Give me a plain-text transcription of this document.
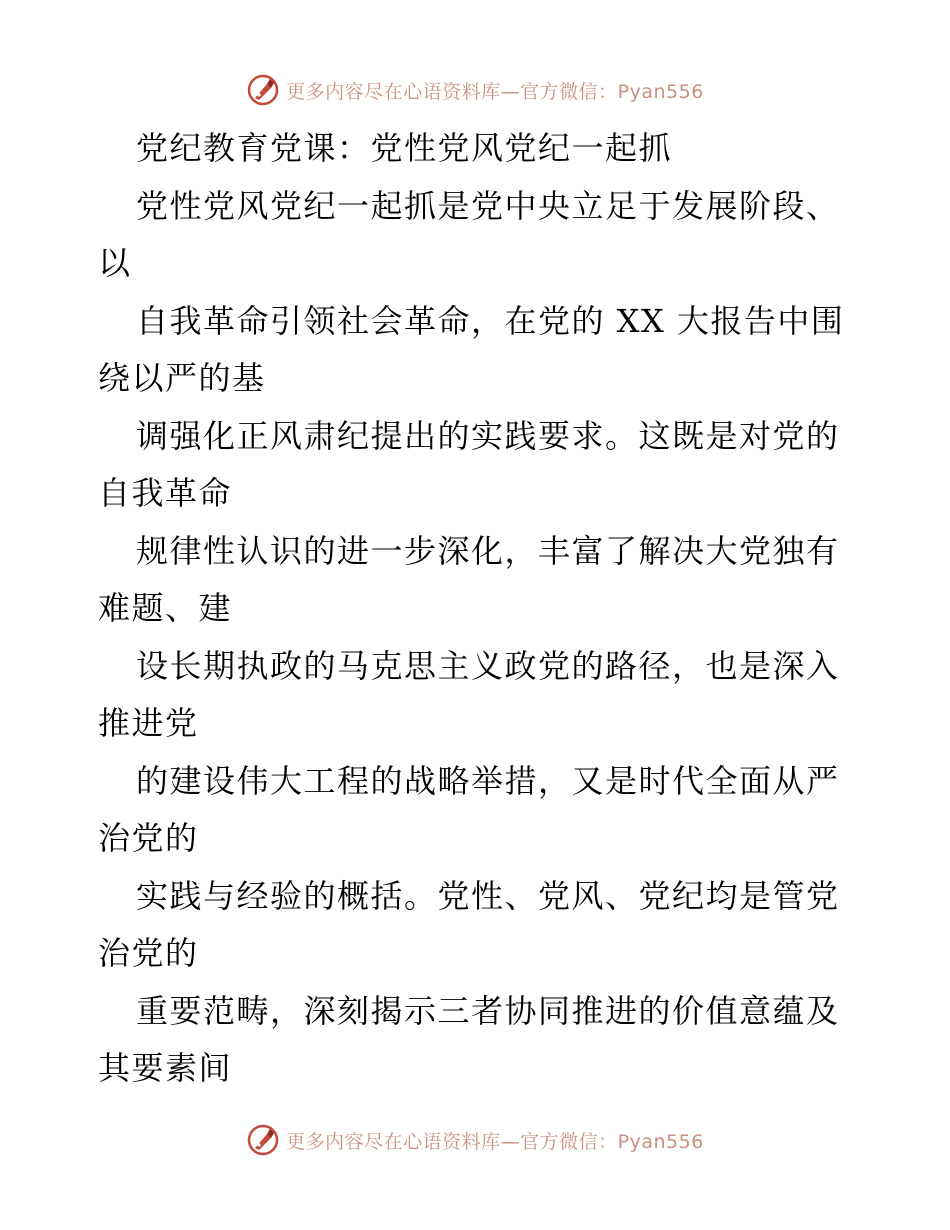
更多内容尽在心语资料库—官方微信：Pyan556
党纪教育党课：党性党风党纪一起抓
党性党风党纪一起抓是党中央立足于发展阶段、
以
自我革命引领社会革命，在党的 XX 大报告中围
绕以严的基
调强化正风肃纪提出的实践要求。这既是对党的
自我革命
规律性认识的进一步深化，丰富了解决大党独有
难题、建
设长期执政的马克思主义政党的路径，也是深入
推进党
的建设伟大工程的战略举措，又是时代全面从严
治党的
实践与经验的概括。党性、党风、党纪均是管党
治党的
重要范畴，深刻揭示三者协同推进的价值意蕴及
其要素间
更多内容尽在心语资料库—官方微信：Pyan556
